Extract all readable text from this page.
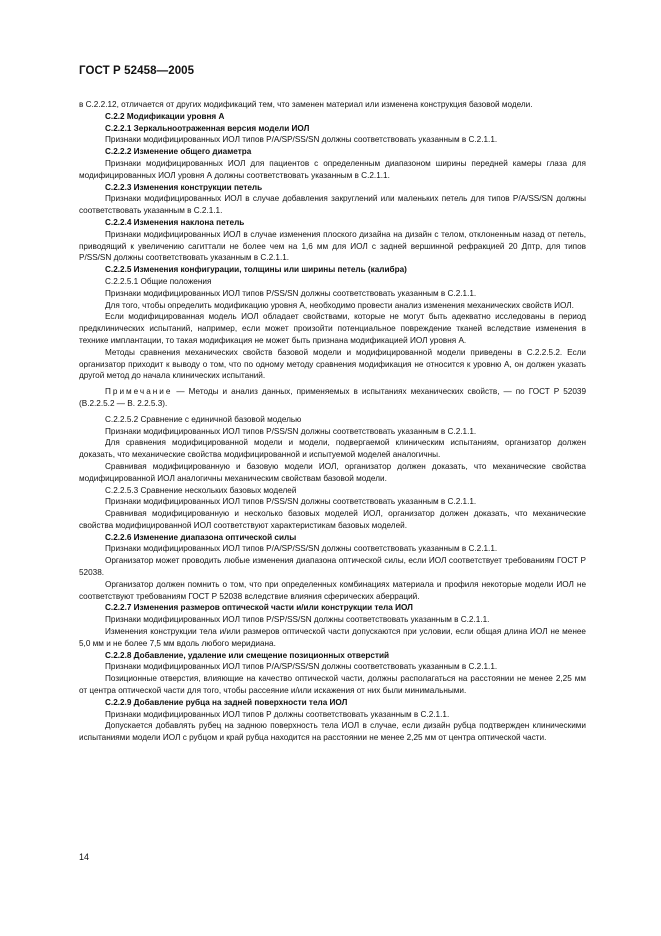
ГОСТ Р 52458—2005

в С.2.2.12, отличается от других модификаций тем, что заменен материал или изменена конструкция базовой модели.

С.2.2 Модификации уровня А

С.2.2.1 Зеркальноотраженная версия модели ИОЛ

Признаки модифицированных ИОЛ типов P/A/SP/SS/SN должны соответствовать указанным в С.2.1.1.

С.2.2.2 Изменение общего диаметра

Признаки модифицированных ИОЛ для пациентов с определенным диапазоном ширины передней камеры глаза для модифицированных ИОЛ уровня А должны соответствовать указанным в С.2.1.1.

С.2.2.3 Изменения конструкции петель

Признаки модифицированных ИОЛ в случае добавления закруглений или маленьких петель для типов P/A/SS/SN должны соответствовать указанным в С.2.1.1.

С.2.2.4 Изменения наклона петель

Признаки модифицированных ИОЛ в случае изменения плоского дизайна на дизайн с телом, отклоненным назад от петель, приводящий к увеличению сагиттали не более чем на 1,6 мм для ИОЛ с задней вершинной рефракцией 20 Дптр, для типов P/SS/SN должны соответствовать указанным в С.2.1.1.

С.2.2.5 Изменения конфигурации, толщины или ширины петель (калибра)

С.2.2.5.1 Общие положения

Признаки модифицированных ИОЛ типов P/SS/SN должны соответствовать указанным в С.2.1.1.

Для того, чтобы определить модификацию уровня А, необходимо провести анализ изменения механических свойств ИОЛ.

Если модифицированная модель ИОЛ обладает свойствами, которые не могут быть адекватно исследованы в период предклинических испытаний, например, если может произойти потенциальное повреждение тканей вследствие изменения в технике имплантации, то такая модификация не может быть признана модификацией ИОЛ уровня А.

Методы сравнения механических свойств базовой модели и модифицированной модели приведены в С.2.2.5.2. Если организатор приходит к выводу о том, что по одному методу сравнения модификация не относится к уровню А, он должен указать другой метод до начала клинических испытаний.

Примечание — Методы и анализ данных, применяемых в испытаниях механических свойств, — по ГОСТ Р 52039 (В.2.2.5.2 — В. 2.2.5.3).

С.2.2.5.2 Сравнение с единичной базовой моделью

Признаки модифицированных ИОЛ типов P/SS/SN должны соответствовать указанным в С.2.1.1.

Для сравнения модифицированной модели и модели, подвергаемой клиническим испытаниям, организатор должен доказать, что механические свойства модифицированной и испытуемой моделей аналогичны.

Сравнивая модифицированную и базовую модели ИОЛ, организатор должен доказать, что механические свойства модифицированной ИОЛ аналогичны механическим свойствам базовой модели.

С.2.2.5.3 Сравнение нескольких базовых моделей

Признаки модифицированных ИОЛ типов P/SS/SN должны соответствовать указанным в С.2.1.1.

Сравнивая модифицированную и несколько базовых моделей ИОЛ, организатор должен доказать, что механические свойства модифицированной ИОЛ соответствуют характеристикам базовых моделей.

С.2.2.6 Изменение диапазона оптической силы

Признаки модифицированных ИОЛ типов P/A/SP/SS/SN должны соответствовать указанным в С.2.1.1.

Организатор может проводить любые изменения диапазона оптической силы, если ИОЛ соответствует требованиям ГОСТ Р 52038.

Организатор должен помнить о том, что при определенных комбинациях материала и профиля некоторые модели ИОЛ не соответствуют требованиям ГОСТ Р 52038 вследствие влияния сферических аберраций.

С.2.2.7 Изменения размеров оптической части и/или конструкции тела ИОЛ

Признаки модифицированных ИОЛ типов P/SP/SS/SN должны соответствовать указанным в С.2.1.1.

Изменения конструкции тела и/или размеров оптической части допускаются при условии, если общая длина ИОЛ не менее 5,0 мм и не более 7,5 мм вдоль любого меридиана.

С.2.2.8 Добавление, удаление или смещение позиционных отверстий

Признаки модифицированных ИОЛ типов P/A/SP/SS/SN должны соответствовать указанным в С.2.1.1.

Позиционные отверстия, влияющие на качество оптической части, должны располагаться на расстоянии не менее 2,25 мм от центра оптической части для того, чтобы рассеяние и/или искажения от них были минимальными.

С.2.2.9 Добавление рубца на задней поверхности тела ИОЛ

Признаки модифицированных ИОЛ типов P должны соответствовать указанным в С.2.1.1.

Допускается добавлять рубец на заднюю поверхность тела ИОЛ в случае, если дизайн рубца подтвержден клиническими испытаниями модели ИОЛ с рубцом и край рубца находится на расстоянии не менее 2,25 мм от центра оптической части.

14
